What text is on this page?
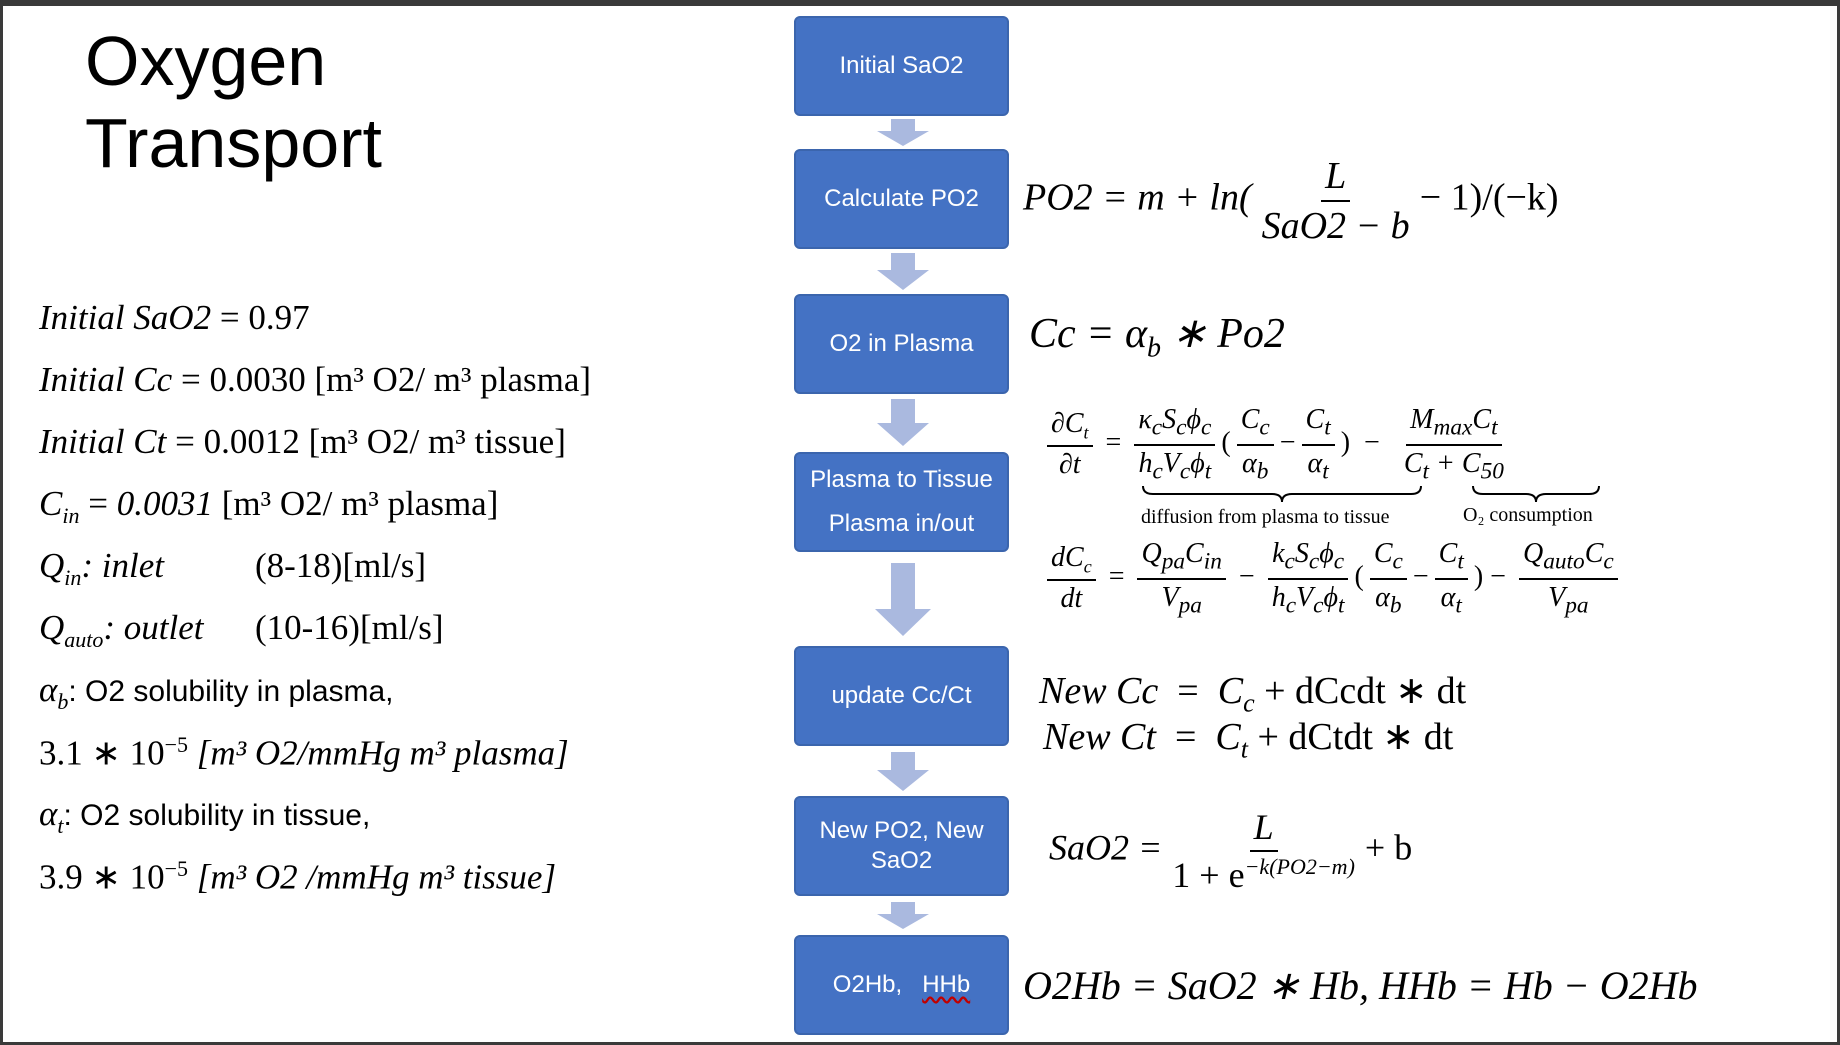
Oxygen
Transport
Initial SaO2 = 0.97
Initial Cc = 0.0030 [m³ O2/ m³ plasma]
Initial Ct = 0.0012 [m³ O2/ m³ tissue]
$C_{in} = 0.0031$ [m³ O2/ m³ plasma]
$Q_{in}$: inlet	(8-18)[ml/s]
$Q_{auto}$: outlet (10-16)[ml/s]
$\alpha_b$: O2 solubility in plasma,
3.1 ∗ $10^{-5}$ [m³ O2/mmHg m³ plasma]
$\alpha_t$: O2 solubility in tissue,
3.9 ∗ $10^{-5}$ [m³ O2 /mmHg m³ tissue]
Initial SaO2
Calculate PO2
O2 in Plasma
Plasma to Tissue
Plasma in/out
update Cc/Ct
New PO2, New
SaO2
O2Hb,
HHb
$PO2 = m + \ln( \frac{L}{\text{SaO2 − b}} - 1)/(-k)$
$Cc = \alpha_b$ ∗ Po2
$\frac{\partial C_t}{\partial t} = \frac{\kappa_cS_c\phi_c}{h_cV_c\phi_t}$ ( $\frac{C_c}{\alpha_b} - \frac{C_t}{\alpha_t}$ )  − $\frac{M_{max}C_t}{C_t + C_{50}}$
diffusion from plasma to tissue	O₂ consumption
$\frac{dC_c}{dt} = \frac{Q_{pa}C_{in}}{V_{pa}} - \frac{k_cS_c\phi_c}{h_cV_c\phi_t}$ ( $\frac{C_c}{\alpha_b} - \frac{C_t}{\alpha_t}$ ) − $\frac{Q_{auto}C_c}{V_{pa}}$
New $Cc = C_c$ + dCcdt ∗ dt
New $Ct = C_t$ + dCtdt ∗ dt
$SaO2 = \frac{L}{1 + e^{-k(PO2-m)}} + b$
O2Hb = SaO2 ∗ Hb, HHb = Hb − O2Hb
